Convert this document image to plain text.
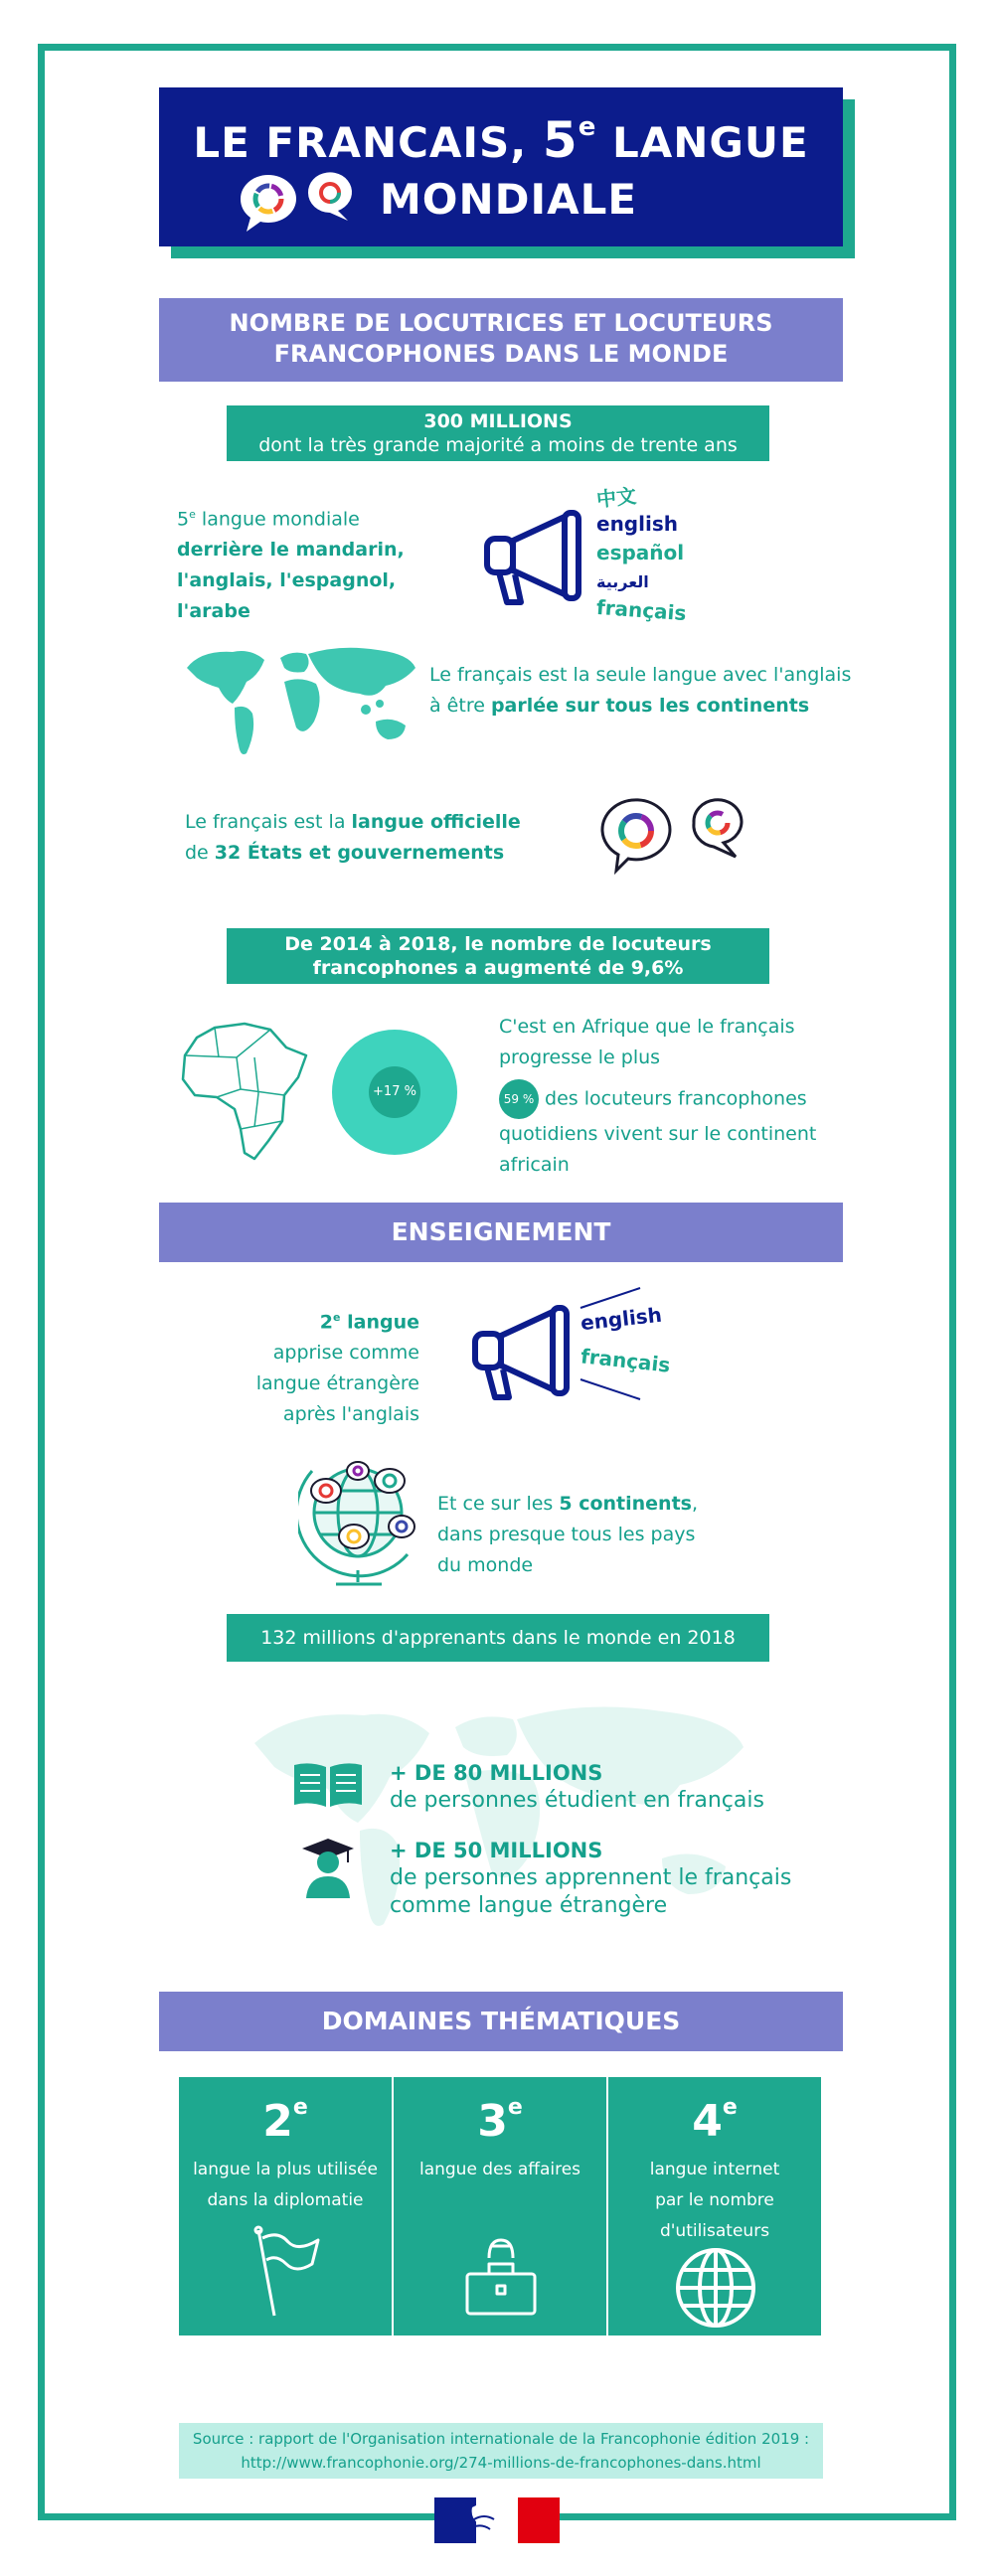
LE FRANCAIS, 5e LANGUE
MONDIALE
NOMBRE DE LOCUTRICES ET LOCUTEURS
FRANCOPHONES DANS LE MONDE
300 MILLIONS
dont la très grande majorité a moins de trente ans
5e langue mondiale
derrière le mandarin,
l'anglais, l'espagnol,
l'arabe
中文
english
español
العربية
français
Le français est la seule langue avec l'anglais
à être parlée sur tous les continents
Le français est la langue officielle
de 32 États et gouvernements
De 2014 à 2018, le nombre de locuteurs
francophones a augmenté de 9,6%
+17 %
C'est en Afrique que le français
progresse le plus
59 % des locuteurs francophones
quotidiens vivent sur le continent
africain
ENSEIGNEMENT
2e langue
apprise comme
langue étrangère
après l'anglais
english
français
Et ce sur les 5 continents,
dans presque tous les pays
du monde
132 millions d'apprenants dans le monde en 2018
+ DE 80 MILLIONS
de personnes étudient en français
+ DE 50 MILLIONS
de personnes apprennent le français
comme langue étrangère
DOMAINES THÉMATIQUES
2e
langue la plus utilisée
dans la diplomatie
3e
langue des affaires
4e
langue internet
par le nombre
d'utilisateurs
Source : rapport de l'Organisation internationale de la Francophonie édition 2019 :
http://www.francophonie.org/274-millions-de-francophones-dans.html
